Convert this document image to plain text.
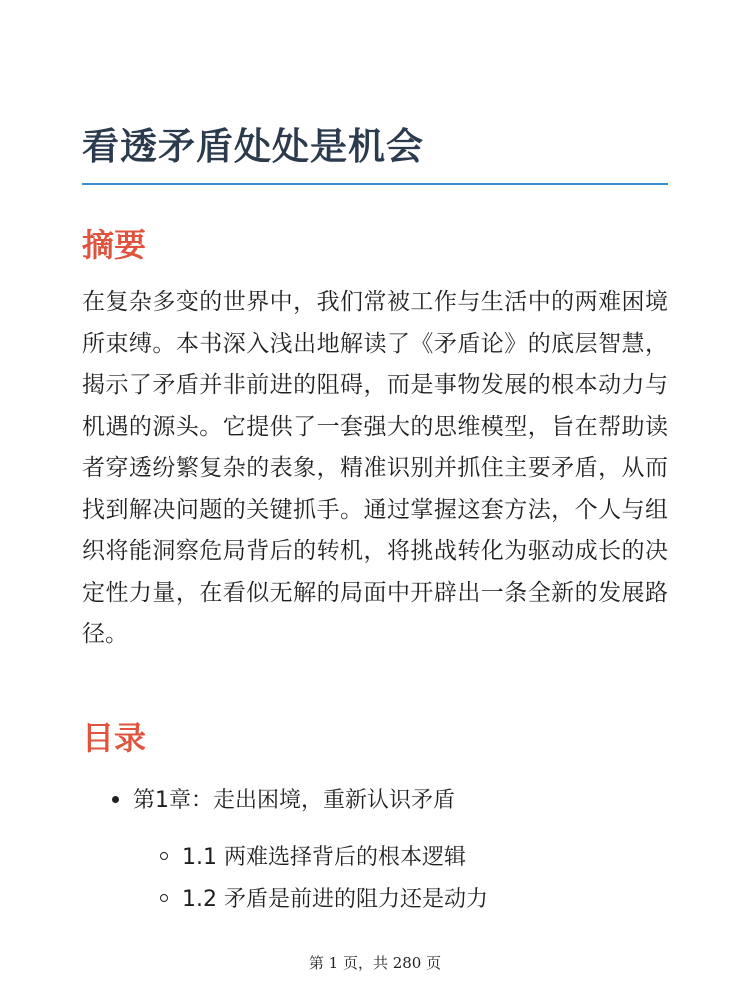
看透矛盾处处是机会
摘要

在复杂多变的世界中，我们常被工作与生活中的两难困境所束缚。本书深入浅出地解读了《矛盾论》的底层智慧，揭示了矛盾并非前进的阻碍，而是事物发展的根本动力与机遇的源头。它提供了一套强大的思维模型，旨在帮助读者穿透纷繁复杂的表象，精准识别并抓住主要矛盾，从而找到解决问题的关键抓手。通过掌握这套方法，个人与组织将能洞察危局背后的转机，将挑战转化为驱动成长的决定性力量，在看似无解的局面中开辟出一条全新的发展路径。

目录
第1章：走出困境，重新认识矛盾
1.1 两难选择背后的根本逻辑
1.2 矛盾是前进的阻力还是动力
第 1 页，共 280 页
